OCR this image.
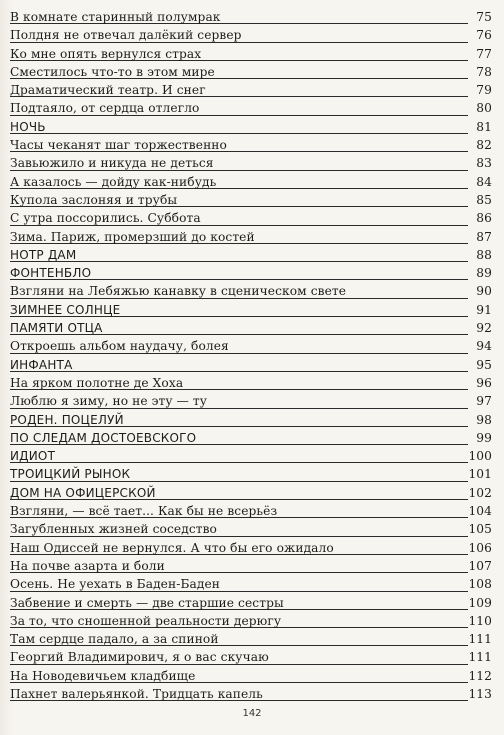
В комнате старинный полумрак	75
Полдня не отвечал далёкий сервер	76
Ко мне опять вернулся страх	77
Сместилось что-то в этом мире	78
Драматический театр. И снег	79
Подтаяло, от сердца отлегло	80
НОЧЬ	81
Часы чеканят шаг торжественно	82
Завьюжило и никуда не деться	83
А казалось — дойду как-нибудь	84
Купола заслоняя и трубы	85
С утра поссорились. Суббота	86
Зима. Париж, промерзший до костей	87
НОТР ДАМ	88
ФОНТЕНБЛО	89
Взгляни на Лебяжью канавку в сценическом свете	90
ЗИМНЕЕ СОЛНЦЕ	91
ПАМЯТИ ОТЦА	92
Откроешь альбом наудачу, болея	94
ИНФАНТА	95
На ярком полотне де Хоха	96
Люблю я зиму, но не эту — ту	97
РОДЕН. ПОЦЕЛУЙ	98
ПО СЛЕДАМ ДОСТОЕВСКОГО	99
ИДИОТ	100
ТРОИЦКИЙ РЫНОК	101
ДОМ НА ОФИЦЕРСКОЙ	102
Взгляни, — всё тает... Как бы не всерьёз	104
Загубленных жизней соседство	105
Наш Одиссей не вернулся. А что бы его ожидало	106
На почве азарта и боли	107
Осень. Не уехать в Баден-Баден	108
Забвение и смерть — две старшие сестры	109
За то, что сношенной реальности дерюгу	110
Там сердце падало, а за спиной	111
Георгий Владимирович, я о вас скучаю	111
На Новодевичьем кладбище	112
Пахнет валерьянкой. Тридцать капель	113
142
